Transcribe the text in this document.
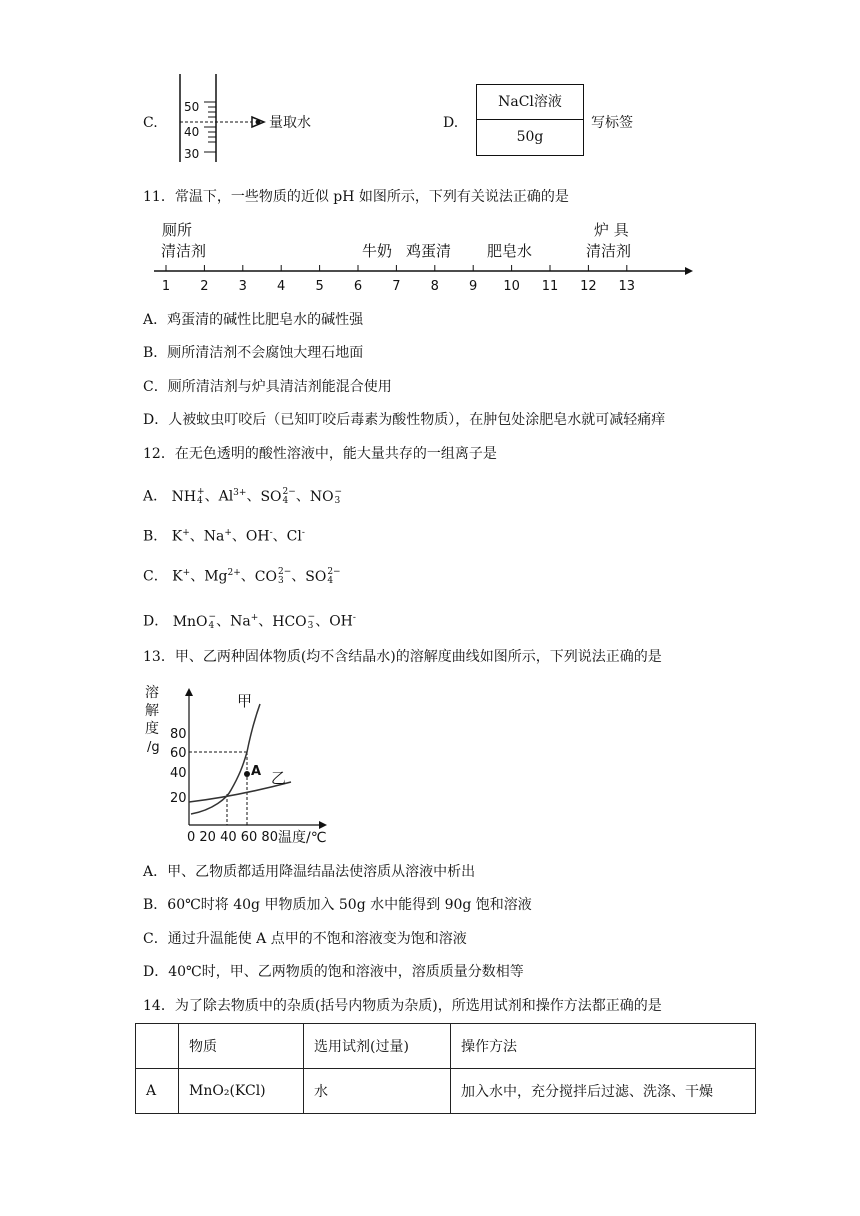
C.
50
40
30
量取水	D.
NaCl溶液
50g
写标签
11．常温下，一些物质的近似 pH 如图所示，下列有关说法正确的是
1 2 3 4 5 6 7 8 9 10 11 12 13
厕所
清洁剂	牛奶 鸡蛋清 肥皂水
炉 具
清洁剂
A．鸡蛋清的碱性比肥皂水的碱性强
B．厕所清洁剂不会腐蚀大理石地面
C．厕所清洁剂与炉具清洁剂能混合使用
D．人被蚊虫叮咬后（已知叮咬后毒素为酸性物质），在肿包处涂肥皂水就可减轻痛痒
12．在无色透明的酸性溶液中，能大量共存的一组离子是
A． NH +
4 、$Al^{3+}$、SO 2−
4 、NO −
3
B． K+、Na+、OH-、Cl-
C． K+、$Mg^{2+}$、CO 2−
3 、SO 2−
4
D． MnO −
4 、Na+、HCO −
3 、OH-
13．甲、乙两种固体物质(均不含结晶水)的溶解度曲线如图所示，下列说法正确的是
溶
解
度
/g
80
60
40
20
A
甲
乙
0 20 40 60 80 温度/℃
A．甲、乙物质都适用降温结晶法使溶质从溶液中析出
B．60℃时将 40g 甲物质加入 50g 水中能得到 90g 饱和溶液
C．通过升温能使 A 点甲的不饱和溶液变为饱和溶液
D．40℃时，甲、乙两物质的饱和溶液中，溶质质量分数相等
14．为了除去物质中的杂质(括号内物质为杂质)，所选用试剂和操作方法都正确的是
	物质	选用试剂(过量)	操作方法
A	MnO₂(KCl)	水	加入水中，充分搅拌后过滤、洗涤、干燥
